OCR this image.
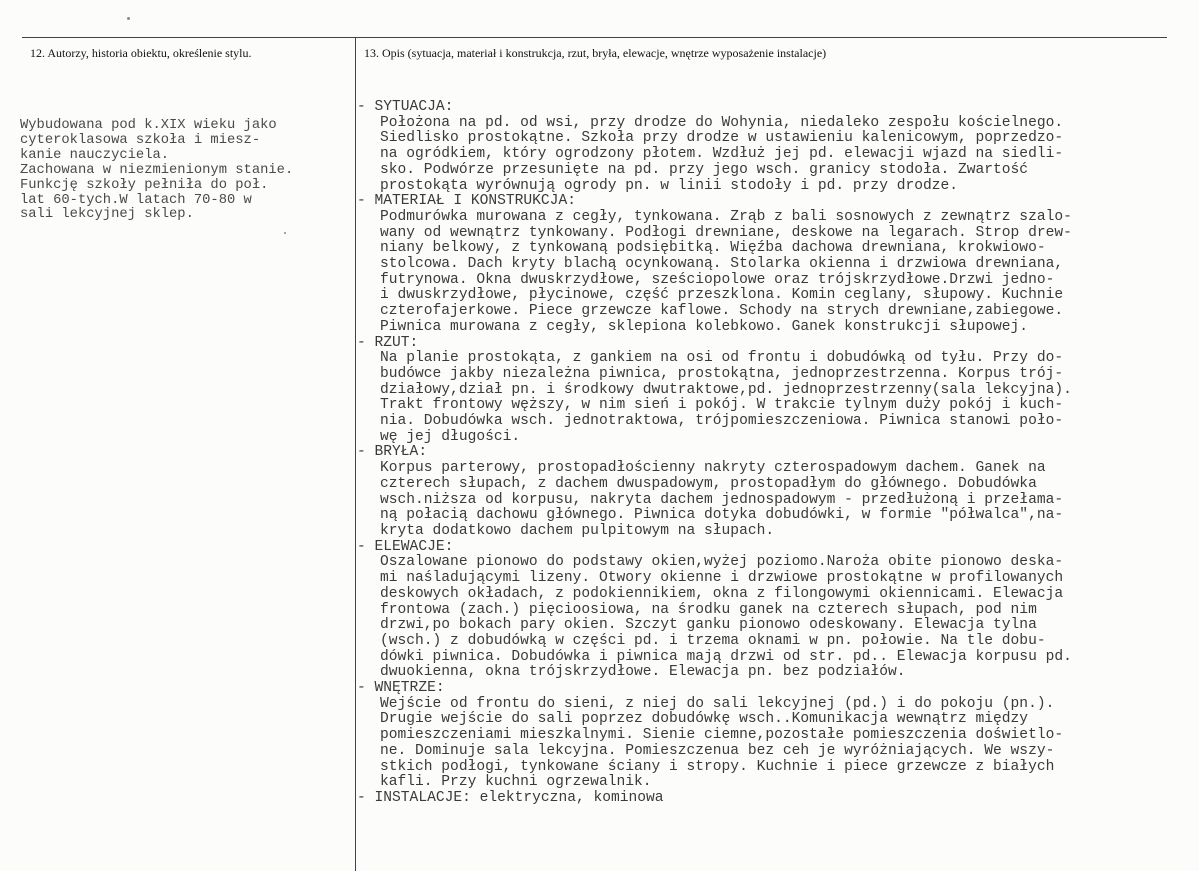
12. Autorzy, historia obiektu, określenie stylu.	13. Opis (sytuacja, materiał i konstrukcja, rzut, bryła, elewacje, wnętrze wyposażenie instalacje)
Wybudowana pod k.XIX wieku jako
cyteroklasowa szkoła i miesz-
kanie nauczyciela.
Zachowana w niezmienionym stanie.
Funkcję szkoły pełniła do poł.
lat 60-tych.W latach 70-80 w
sali lekcyjnej sklep.
- SYTUACJA:
Położona na pd. od wsi, przy drodze do Wohynia, niedaleko zespołu kościelnego.
Siedlisko prostokątne. Szkoła przy drodze w ustawieniu kalenicowym, poprzedzo-
na ogródkiem, który ogrodzony płotem. Wzdłuż jej pd. elewacji wjazd na siedli-
sko. Podwórze przesunięte na pd. przy jego wsch. granicy stodoła. Zwartość
prostokąta wyrównują ogrody pn. w linii stodoły i pd. przy drodze.
- MATERIAŁ I KONSTRUKCJA:
Podmurówka murowana z cegły, tynkowana. Zrąb z bali sosnowych z zewnątrz szalo-
wany od wewnątrz tynkowany. Podłogi drewniane, deskowe na legarach. Strop drew-
niany belkowy, z tynkowaną podsiębitką. Więźba dachowa drewniana, krokwiowo-
stolcowa. Dach kryty blachą ocynkowaną. Stolarka okienna i drzwiowa drewniana,
futrynowa. Okna dwuskrzydłowe, sześciopolowe oraz trójskrzydłowe.Drzwi jedno-
i dwuskrzydłowe, płycinowe, część przeszklona. Komin ceglany, słupowy. Kuchnie
czterofajerkowe. Piece grzewcze kaflowe. Schody na strych drewniane,zabiegowe.
Piwnica murowana z cegły, sklepiona kolebkowo. Ganek konstrukcji słupowej.
- RZUT:
Na planie prostokąta, z gankiem na osi od frontu i dobudówką od tyłu. Przy do-
budówce jakby niezależna piwnica, prostokątna, jednoprzestrzenna. Korpus trój-
działowy,dział pn. i środkowy dwutraktowe,pd. jednoprzestrzenny(sala lekcyjna).
Trakt frontowy węższy, w nim sień i pokój. W trakcie tylnym duży pokój i kuch-
nia. Dobudówka wsch. jednotraktowa, trójpomieszczeniowa. Piwnica stanowi poło-
wę jej długości.
- BRYŁA:
Korpus parterowy, prostopadłościenny nakryty czterospadowym dachem. Ganek na
czterech słupach, z dachem dwuspadowym, prostopadłym do głównego. Dobudówka
wsch.niższa od korpusu, nakryta dachem jednospadowym - przedłużoną i przełama-
ną połacią dachowu głównego. Piwnica dotyka dobudówki, w formie "półwalca",na-
kryta dodatkowo dachem pulpitowym na słupach.
- ELEWACJE:
Oszalowane pionowo do podstawy okien,wyżej poziomo.Naroża obite pionowo deska-
mi naśladującymi lizeny. Otwory okienne i drzwiowe prostokątne w profilowanych
deskowych okładach, z podokiennikiem, okna z filongowymi okiennicami. Elewacja
frontowa (zach.) pięcioosiowa, na środku ganek na czterech słupach, pod nim
drzwi,po bokach pary okien. Szczyt ganku pionowo odeskowany. Elewacja tylna
(wsch.) z dobudówką w części pd. i trzema oknami w pn. połowie. Na tle dobu-
dówki piwnica. Dobudówka i piwnica mają drzwi od str. pd.. Elewacja korpusu pd.
dwuokienna, okna trójskrzydłowe. Elewacja pn. bez podziałów.
- WNĘTRZE:
Wejście od frontu do sieni, z niej do sali lekcyjnej (pd.) i do pokoju (pn.).
Drugie wejście do sali poprzez dobudówkę wsch..Komunikacja wewnątrz między
pomieszczeniami mieszkalnymi. Sienie ciemne,pozostałe pomieszczenia doświetlo-
ne. Dominuje sala lekcyjna. Pomieszczenua bez ceh je wyróżniających. We wszy-
stkich podłogi, tynkowane ściany i stropy. Kuchnie i piece grzewcze z białych
kafli. Przy kuchni ogrzewalnik.
- INSTALACJE: elektryczna, kominowa
